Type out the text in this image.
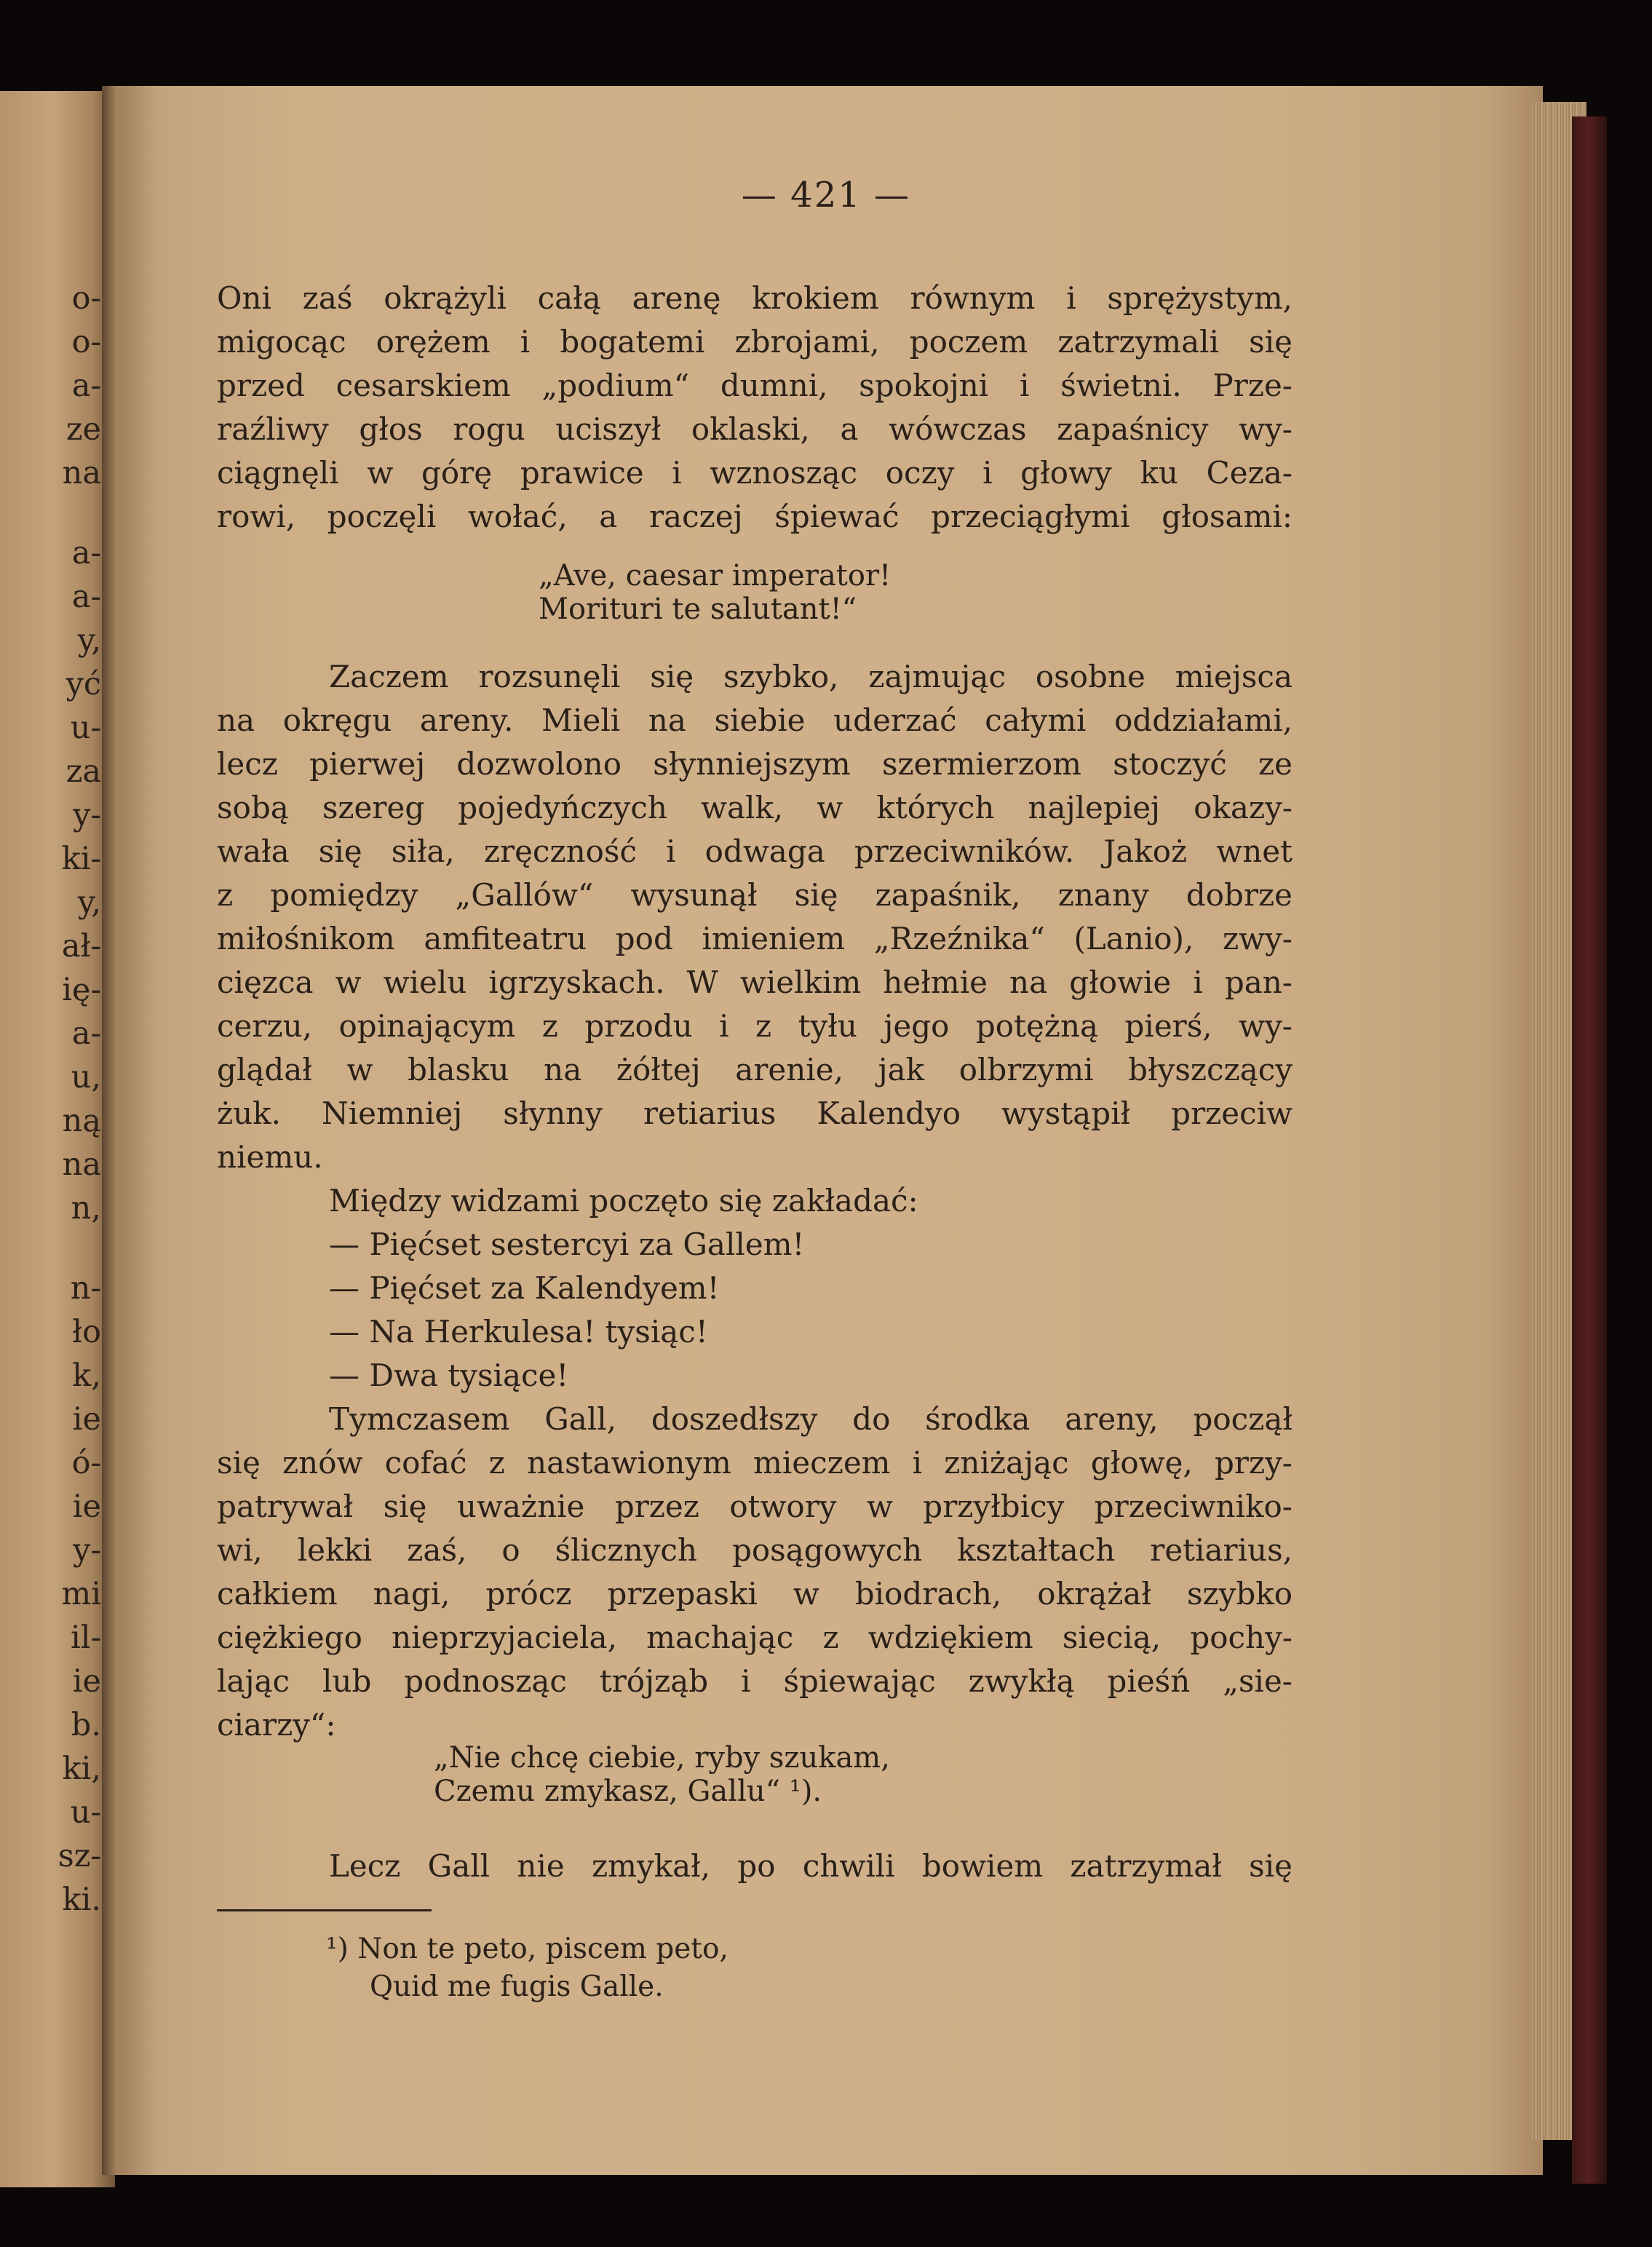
o-
o-
a-
ze
na
a-
a-
y,
yć
u-
za
y-
ki-
y,
ał-
ię-
a-
u,
ną
na
n,
n-
ło
k,
ie
ó-
ie
y-
mi
il-
ie
b.
ki,
u-
sz-
ki.
— 421 —
Oni zaś okrążyli całą arenę krokiem równym i sprężystym,
migocąc orężem i bogatemi zbrojami, poczem zatrzymali się
przed cesarskiem „podium“ dumni, spokojni i świetni. Prze-
raźliwy głos rogu uciszył oklaski, a wówczas zapaśnicy wy-
ciągnęli w górę prawice i wznosząc oczy i głowy ku Ceza-
rowi, poczęli wołać, a raczej śpiewać przeciągłymi głosami:
„Ave, caesar imperator!
Morituri te salutant!“
Zaczem rozsunęli się szybko, zajmując osobne miejsca
na okręgu areny. Mieli na siebie uderzać całymi oddziałami,
lecz pierwej dozwolono słynniejszym szermierzom stoczyć ze
sobą szereg pojedyńczych walk, w których najlepiej okazy-
wała się siła, zręczność i odwaga przeciwników. Jakoż wnet
z pomiędzy „Gallów“ wysunął się zapaśnik, znany dobrze
miłośnikom amfiteatru pod imieniem „Rzeźnika“ (Lanio), zwy-
cięzca w wielu igrzyskach. W wielkim hełmie na głowie i pan-
cerzu, opinającym z przodu i z tyłu jego potężną pierś, wy-
glądał w blasku na żółtej arenie, jak olbrzymi błyszczący
żuk. Niemniej słynny retiarius Kalendyo wystąpił przeciw
niemu.
Między widzami poczęto się zakładać:
— Pięćset sestercyi za Gallem!
— Pięćset za Kalendyem!
— Na Herkulesa! tysiąc!
— Dwa tysiące!
Tymczasem Gall, doszedłszy do środka areny, począł
się znów cofać z nastawionym mieczem i zniżając głowę, przy-
patrywał się uważnie przez otwory w przyłbicy przeciwniko-
wi, lekki zaś, o ślicznych posągowych kształtach retiarius,
całkiem nagi, prócz przepaski w biodrach, okrążał szybko
ciężkiego nieprzyjaciela, machając z wdziękiem siecią, pochy-
lając lub podnosząc trójząb i śpiewając zwykłą pieśń „sie-
ciarzy“:
„Nie chcę ciebie, ryby szukam,
Czemu zmykasz, Gallu“ ¹).
Lecz Gall nie zmykał, po chwili bowiem zatrzymał się
¹) Non te peto, piscem peto,
Quid me fugis Galle.
